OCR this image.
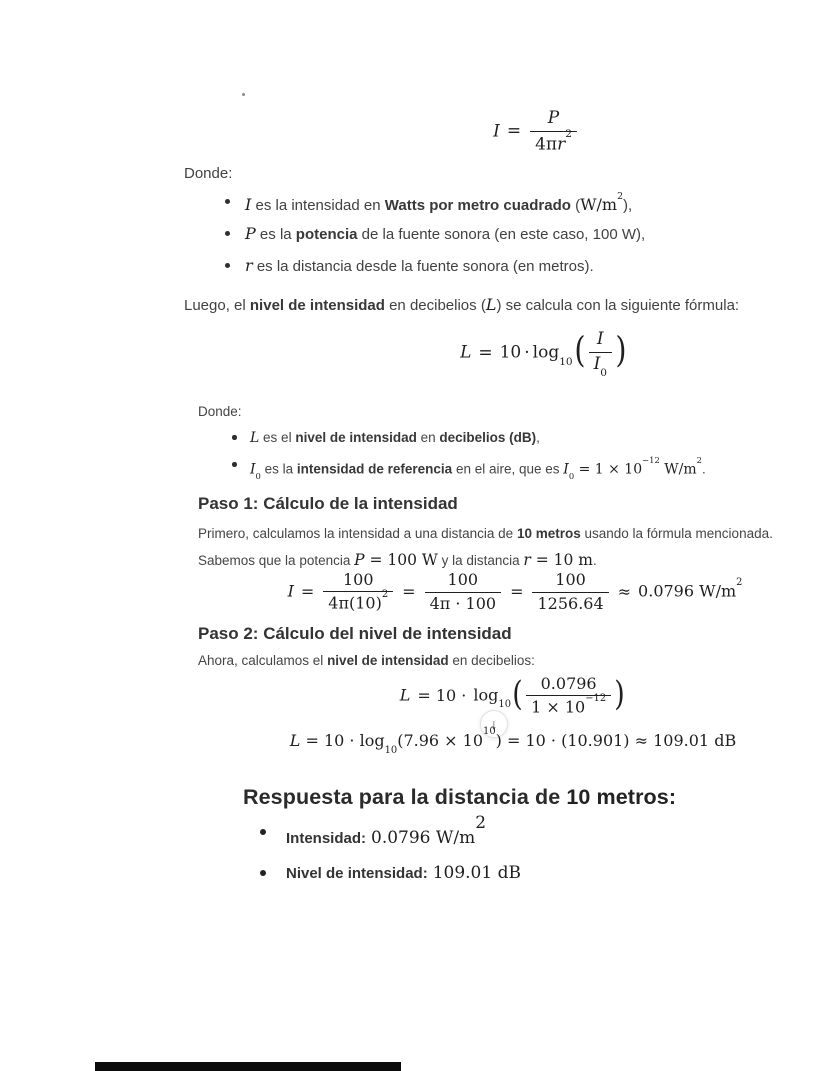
$I = \frac{P}{4\pi r^2}$
Donde:
I es la intensidad en Watts por metro cuadrado $(W/m^2)$,
P es la potencia de la fuente sonora (en este caso, 100 W),
r es la distancia desde la fuente sonora (en metros).
Luego, el nivel de intensidad en decibelios (L) se calcula con la siguiente fórmula:
$L = 10 \cdot \log_{10}( \frac{I}{I_0}$ )
Donde:
L es el nivel de intensidad en decibelios (dB),
$I_0$ es la intensidad de referencia en el aire, que es $I_0 = 1 \times 10^{-12}$ $W/m^2$.
Paso 1: Cálculo de la intensidad
Primero, calculamos la intensidad a una distancia de 10 metros usando la fórmula mencionada.
Sabemos que la potencia P = 100 W y la distancia r = 10 m.
$I = \frac{100}{4\pi(10)^2} = \frac{100}{4\pi \cdot 100} = \frac{100}{1256.64} \approx 0.0796$ $W/m^2$
Paso 2: Cálculo del nivel de intensidad
Ahora, calculamos el nivel de intensidad en decibelios:
$L = 10 \cdot \log_{10}( \frac{0.0796}{1 \times 10^{-12}}$ )
↓
$L = 10 \cdot \log_{10}(7.96 \times 10^{10}) = 10 \cdot (10.901) \approx 109.01$ dB
Respuesta para la distancia de 10 metros:
Intensidad: 0.0796 $W/m^2$
Nivel de intensidad: 109.01 dB
